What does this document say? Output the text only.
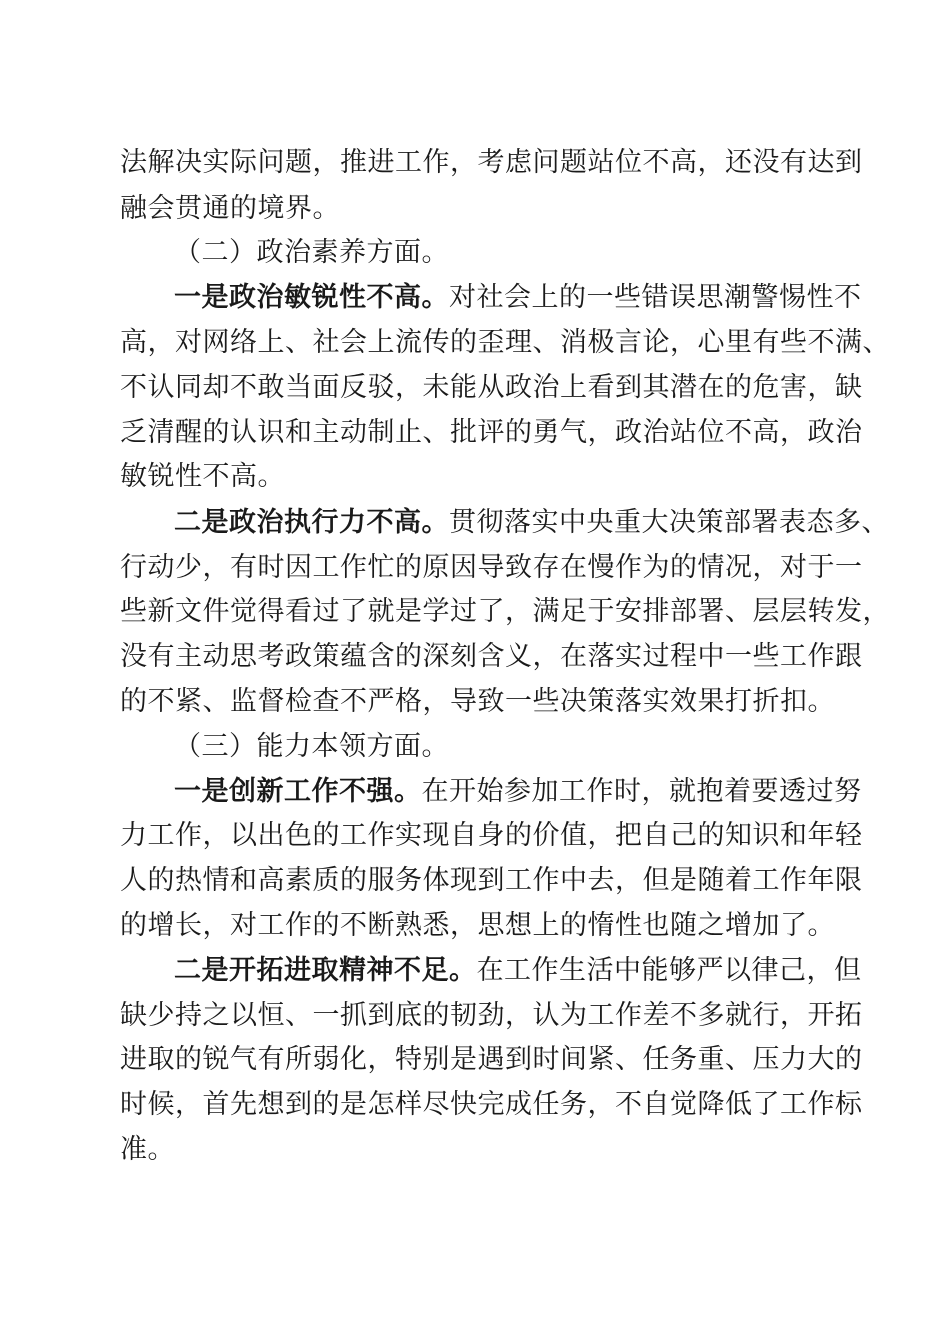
法解决实际问题，推进工作，考虑问题站位不高，还没有达到
融会贯通的境界。
（二）政治素养方面。
一是政治敏锐性不高。对社会上的一些错误思潮警惕性不
高，对网络上、社会上流传的歪理、消极言论，心里有些不满、
不认同却不敢当面反驳，未能从政治上看到其潜在的危害，缺
乏清醒的认识和主动制止、批评的勇气，政治站位不高，政治
敏锐性不高。
二是政治执行力不高。贯彻落实中央重大决策部署表态多、
行动少，有时因工作忙的原因导致存在慢作为的情况，对于一
些新文件觉得看过了就是学过了，满足于安排部署、层层转发，
没有主动思考政策蕴含的深刻含义，在落实过程中一些工作跟
的不紧、监督检查不严格，导致一些决策落实效果打折扣。
（三）能力本领方面。
一是创新工作不强。在开始参加工作时，就抱着要透过努
力工作，以出色的工作实现自身的价值，把自己的知识和年轻
人的热情和高素质的服务体现到工作中去，但是随着工作年限
的增长，对工作的不断熟悉，思想上的惰性也随之增加了。
二是开拓进取精神不足。在工作生活中能够严以律己，但
缺少持之以恒、一抓到底的韧劲，认为工作差不多就行，开拓
进取的锐气有所弱化，特别是遇到时间紧、任务重、压力大的
时候，首先想到的是怎样尽快完成任务，不自觉降低了工作标
准。
